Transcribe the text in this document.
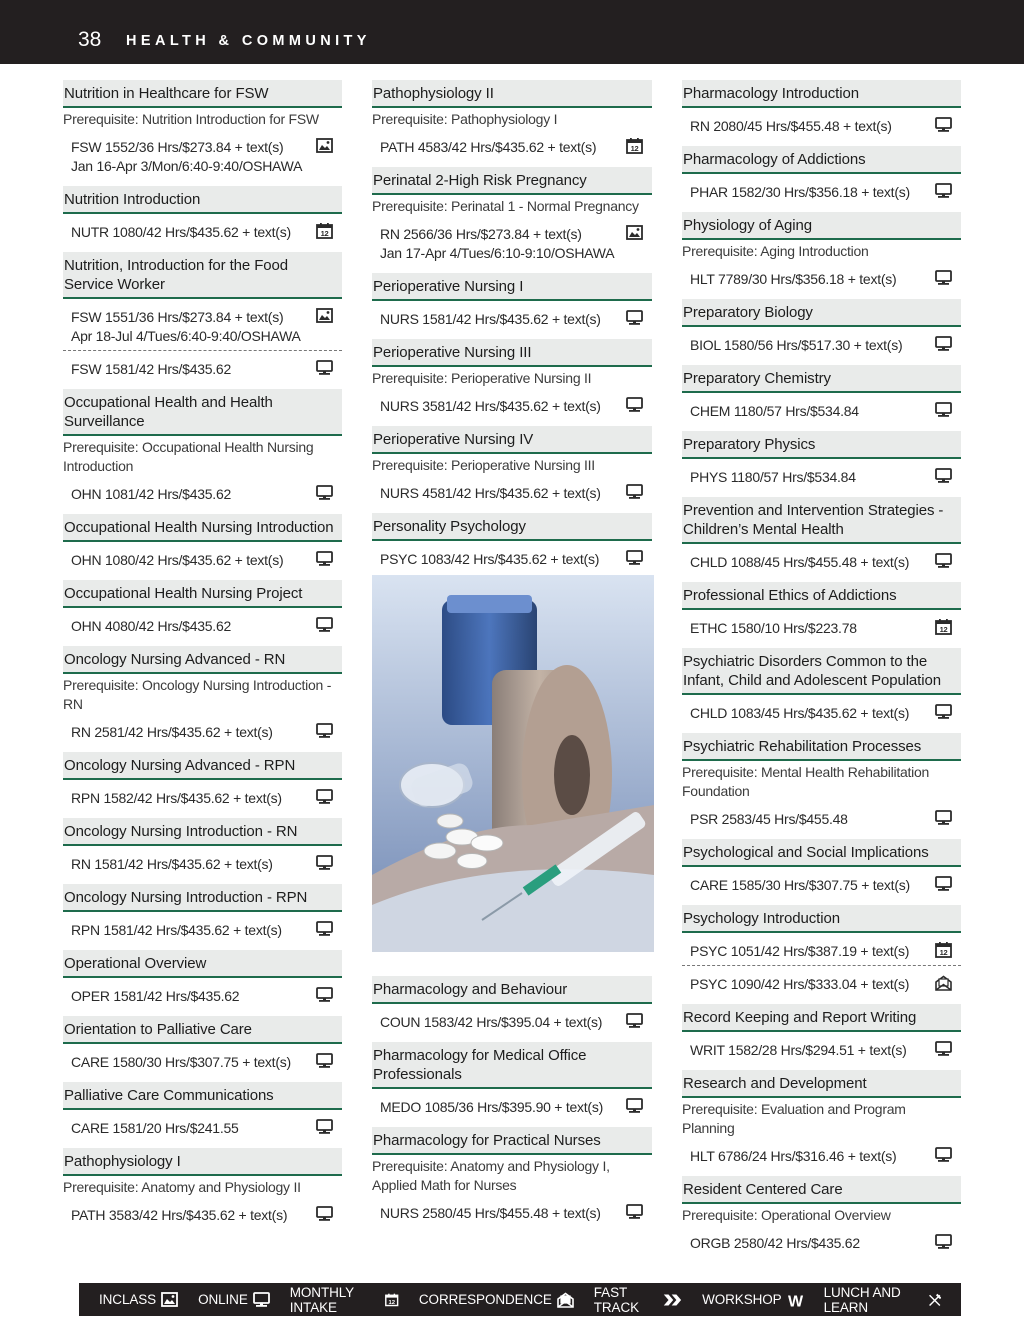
38 HEALTH & COMMUNITY
Nutrition in Healthcare for FSW
Prerequisite: Nutrition Introduction for FSW
FSW 1552/36 Hrs/$273.84 + text(s)
Jan 16-Apr 3/Mon/6:40-9:40/OSHAWA
Nutrition Introduction
NUTR 1080/42 Hrs/$435.62 + text(s)	12
Nutrition, Introduction for the Food Service Worker
FSW 1551/36 Hrs/$273.84 + text(s)
Apr 18-Jul 4/Tues/6:40-9:40/OSHAWA
FSW 1581/42 Hrs/$435.62
Occupational Health and Health Surveillance
Prerequisite: Occupational Health Nursing Introduction
OHN 1081/42 Hrs/$435.62
Occupational Health Nursing Introduction
OHN 1080/42 Hrs/$435.62 + text(s)
Occupational Health Nursing Project
OHN 4080/42 Hrs/$435.62
Oncology Nursing Advanced - RN
Prerequisite: Oncology Nursing Introduction - RN
RN 2581/42 Hrs/$435.62 + text(s)
Oncology Nursing Advanced - RPN
RPN 1582/42 Hrs/$435.62 + text(s)
Oncology Nursing Introduction - RN
RN 1581/42 Hrs/$435.62 + text(s)
Oncology Nursing Introduction - RPN
RPN 1581/42 Hrs/$435.62 + text(s)
Operational Overview
OPER 1581/42 Hrs/$435.62
Orientation to Palliative Care
CARE 1580/30 Hrs/$307.75 + text(s)
Palliative Care Communications
CARE 1581/20 Hrs/$241.55
Pathophysiology I
Prerequisite: Anatomy and Physiology II
PATH 3583/42 Hrs/$435.62 + text(s)
Pathophysiology II
Prerequisite: Pathophysiology I
PATH 4583/42 Hrs/$435.62 + text(s)	12
Perinatal 2-High Risk Pregnancy
Prerequisite: Perinatal 1 - Normal Pregnancy
RN 2566/36 Hrs/$273.84 + text(s)
Jan 17-Apr 4/Tues/6:10-9:10/OSHAWA
Perioperative Nursing I
NURS 1581/42 Hrs/$435.62 + text(s)
Perioperative Nursing III
Prerequisite: Perioperative Nursing II
NURS 3581/42 Hrs/$435.62 + text(s)
Perioperative Nursing IV
Prerequisite: Perioperative Nursing III
NURS 4581/42 Hrs/$435.62 + text(s)
Personality Psychology
PSYC 1083/42 Hrs/$435.62 + text(s)
Pharmacology and Behaviour
COUN 1583/42 Hrs/$395.04 + text(s)
Pharmacology for Medical Office Professionals
MEDO 1085/36 Hrs/$395.90 + text(s)
Pharmacology for Practical Nurses
Prerequisite: Anatomy and Physiology I, Applied Math for Nurses
NURS 2580/45 Hrs/$455.48 + text(s)
Pharmacology Introduction
RN 2080/45 Hrs/$455.48 + text(s)
Pharmacology of Addictions
PHAR 1582/30 Hrs/$356.18 + text(s)
Physiology of Aging
Prerequisite: Aging Introduction
HLT 7789/30 Hrs/$356.18 + text(s)
Preparatory Biology
BIOL 1580/56 Hrs/$517.30 + text(s)
Preparatory Chemistry
CHEM 1180/57 Hrs/$534.84
Preparatory Physics
PHYS 1180/57 Hrs/$534.84
Prevention and Intervention Strategies - Children’s Mental Health
CHLD 1088/45 Hrs/$455.48 + text(s)
Professional Ethics of Addictions
ETHC 1580/10 Hrs/$223.78	12
Psychiatric Disorders Common to the Infant, Child and Adolescent Population
CHLD 1083/45 Hrs/$435.62 + text(s)
Psychiatric Rehabilitation Processes
Prerequisite: Mental Health Rehabilitation Foundation
PSR 2583/45 Hrs/$455.48
Psychological and Social Implications
CARE 1585/30 Hrs/$307.75 + text(s)
Psychology Introduction
PSYC 1051/42 Hrs/$387.19 + text(s)	12
PSYC 1090/42 Hrs/$333.04 + text(s)
Record Keeping and Report Writing
WRIT 1582/28 Hrs/$294.51 + text(s)
Research and Development
Prerequisite: Evaluation and Program Planning
HLT 6786/24 Hrs/$316.46 + text(s)
Resident Centered Care
Prerequisite: Operational Overview
ORGB 2580/42 Hrs/$435.62
INCLASS	ONLINE	MONTHLY INTAKE	12 CORRESPONDENCE	FAST TRACK	WORKSHOP W
LUNCH AND LEARN
